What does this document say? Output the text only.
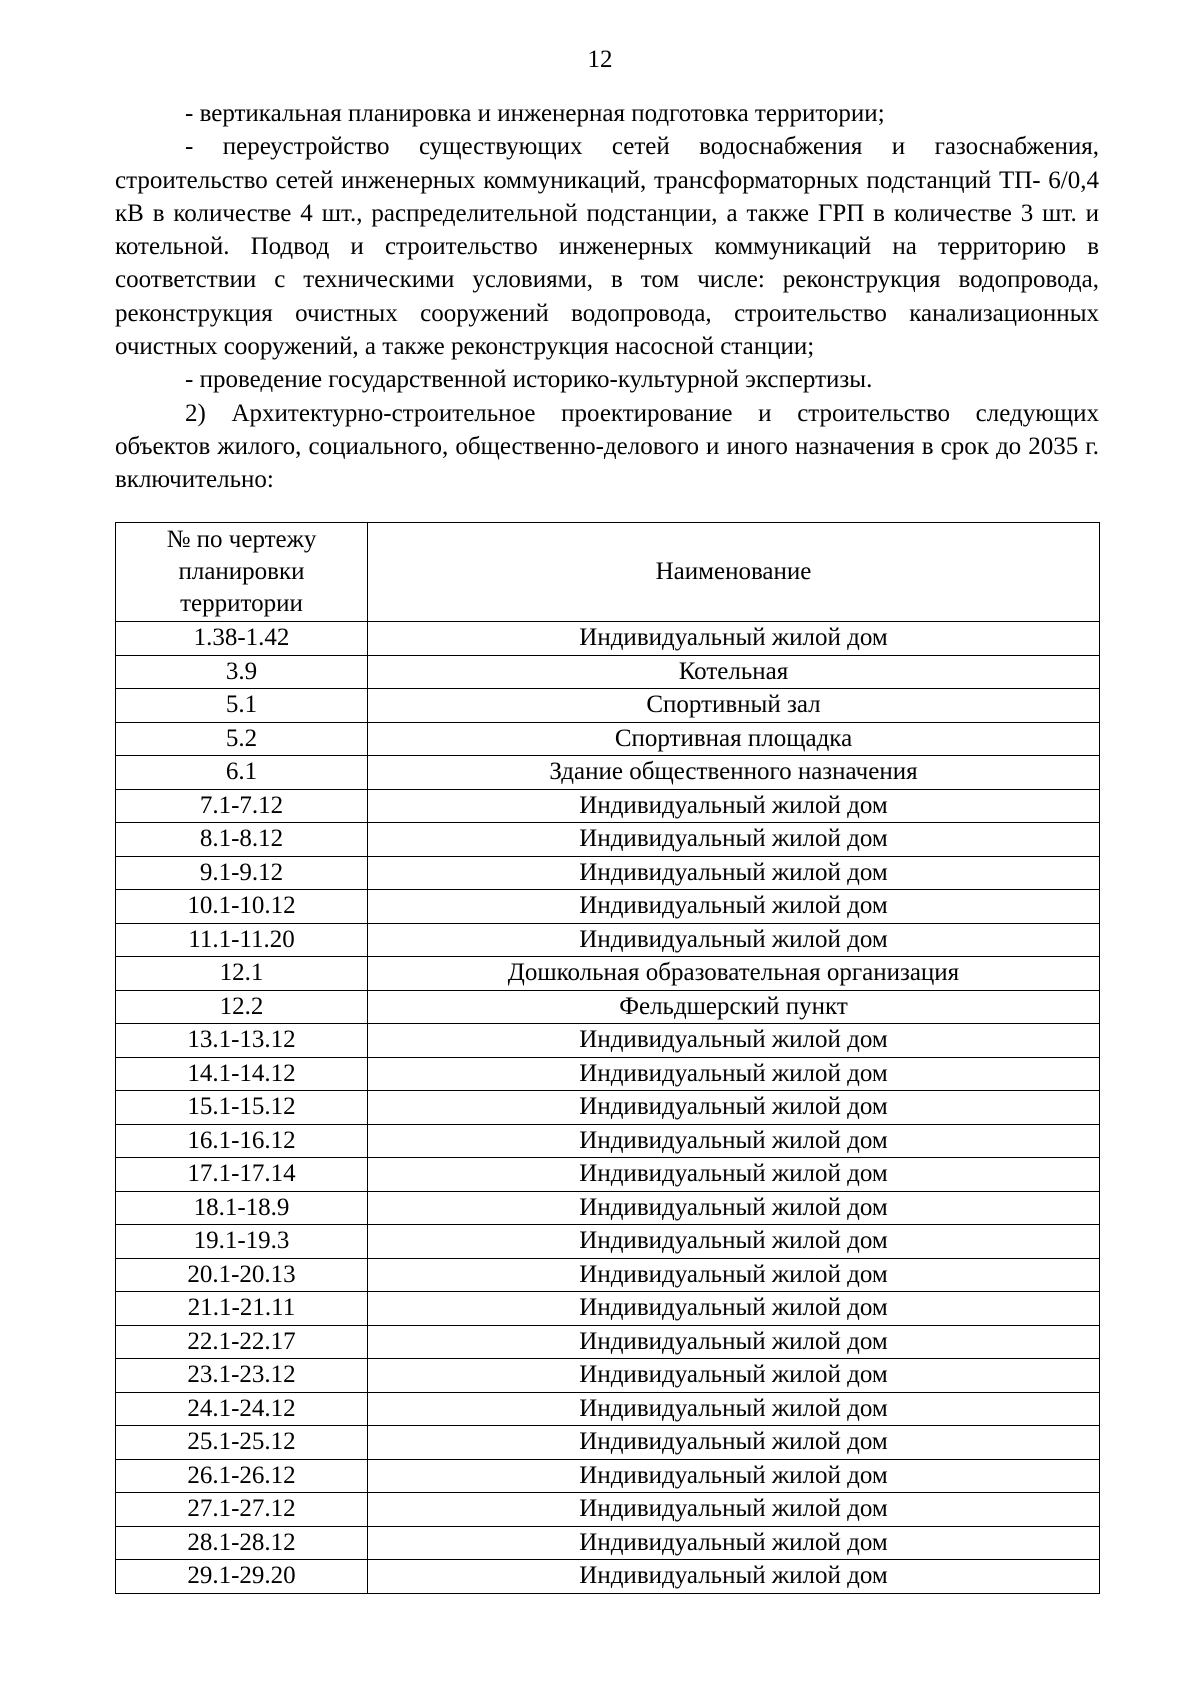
12

- вертикальная планировка и инженерная подготовка территории;

- переустройство существующих сетей водоснабжения и газоснабжения, строительство сетей инженерных коммуникаций, трансформаторных подстанций ТП- 6/0,4 кВ в количестве 4 шт., распределительной подстанции, а также ГРП в количестве 3 шт. и котельной. Подвод и строительство инженерных коммуникаций на территорию в соответствии с техническими условиями, в том числе: реконструкция водопровода, реконструкция очистных сооружений водопровода, строительство канализационных очистных сооружений, а также реконструкция насосной станции;

- проведение государственной историко-культурной экспертизы.

2) Архитектурно-строительное проектирование и строительство следующих объектов жилого, социального, общественно-делового и иного назначения в срок до 2035 г. включительно:

№ по чертежу планировки территории	Наименование
1.38-1.42	Индивидуальный жилой дом
3.9	Котельная
5.1	Спортивный зал
5.2	Спортивная площадка
6.1	Здание общественного назначения
7.1-7.12	Индивидуальный жилой дом
8.1-8.12	Индивидуальный жилой дом
9.1-9.12	Индивидуальный жилой дом
10.1-10.12	Индивидуальный жилой дом
11.1-11.20	Индивидуальный жилой дом
12.1	Дошкольная образовательная организация
12.2	Фельдшерский пункт
13.1-13.12	Индивидуальный жилой дом
14.1-14.12	Индивидуальный жилой дом
15.1-15.12	Индивидуальный жилой дом
16.1-16.12	Индивидуальный жилой дом
17.1-17.14	Индивидуальный жилой дом
18.1-18.9	Индивидуальный жилой дом
19.1-19.3	Индивидуальный жилой дом
20.1-20.13	Индивидуальный жилой дом
21.1-21.11	Индивидуальный жилой дом
22.1-22.17	Индивидуальный жилой дом
23.1-23.12	Индивидуальный жилой дом
24.1-24.12	Индивидуальный жилой дом
25.1-25.12	Индивидуальный жилой дом
26.1-26.12	Индивидуальный жилой дом
27.1-27.12	Индивидуальный жилой дом
28.1-28.12	Индивидуальный жилой дом
29.1-29.20	Индивидуальный жилой дом
